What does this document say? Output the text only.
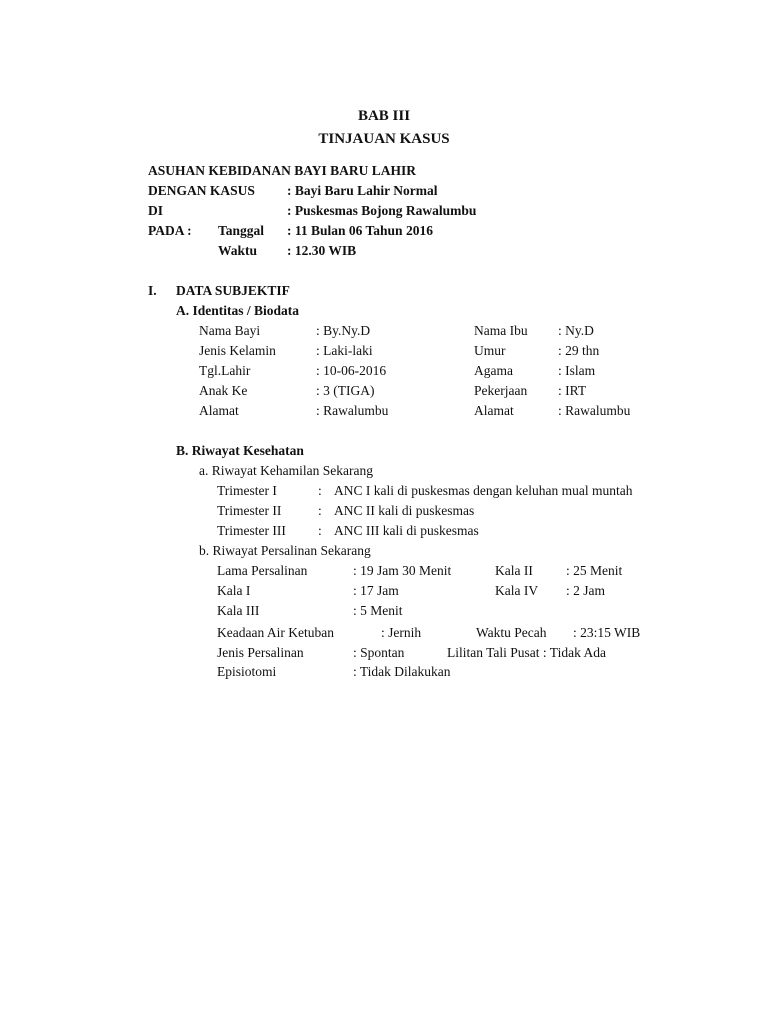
BAB III
TINJAUAN KASUS
ASUHAN KEBIDANAN BAYI BARU LAHIR
DENGAN KASUS : Bayi Baru Lahir Normal
DI	: Puskesmas Bojong Rawalumbu
PADA : Tanggal : 11 Bulan 06 Tahun 2016
Waktu : 12.30 WIB
I. DATA SUBJEKTIF
A. Identitas / Biodata
Nama Bayi	: By.Ny.D	Nama Ibu : Ny.D
Jenis Kelamin	: Laki-laki	Umur	: 29 thn
Tgl.Lahir	: 10-06-2016	Agama	: Islam
Anak Ke	: 3 (TIGA)	Pekerjaan : IRT
Alamat	: Rawalumbu	Alamat	: Rawalumbu
B. Riwayat Kesehatan
a. Riwayat Kehamilan Sekarang
Trimester I	: ANC I kali di puskesmas dengan keluhan mual muntah
Trimester II	: ANC II kali di puskesmas
Trimester III : ANC III kali di puskesmas
b. Riwayat Persalinan Sekarang
Lama Persalinan	: 19 Jam 30 Menit	Kala II : 25 Menit
Kala I	: 17 Jam	Kala IV : 2 Jam
Kala III	: 5 Menit
Keadaan Air Ketuban	: Jernih	Waktu Pecah : 23:15 WIB
Jenis Persalinan	: Spontan	Lilitan Tali Pusat : Tidak Ada
Episiotomi	: Tidak Dilakukan
